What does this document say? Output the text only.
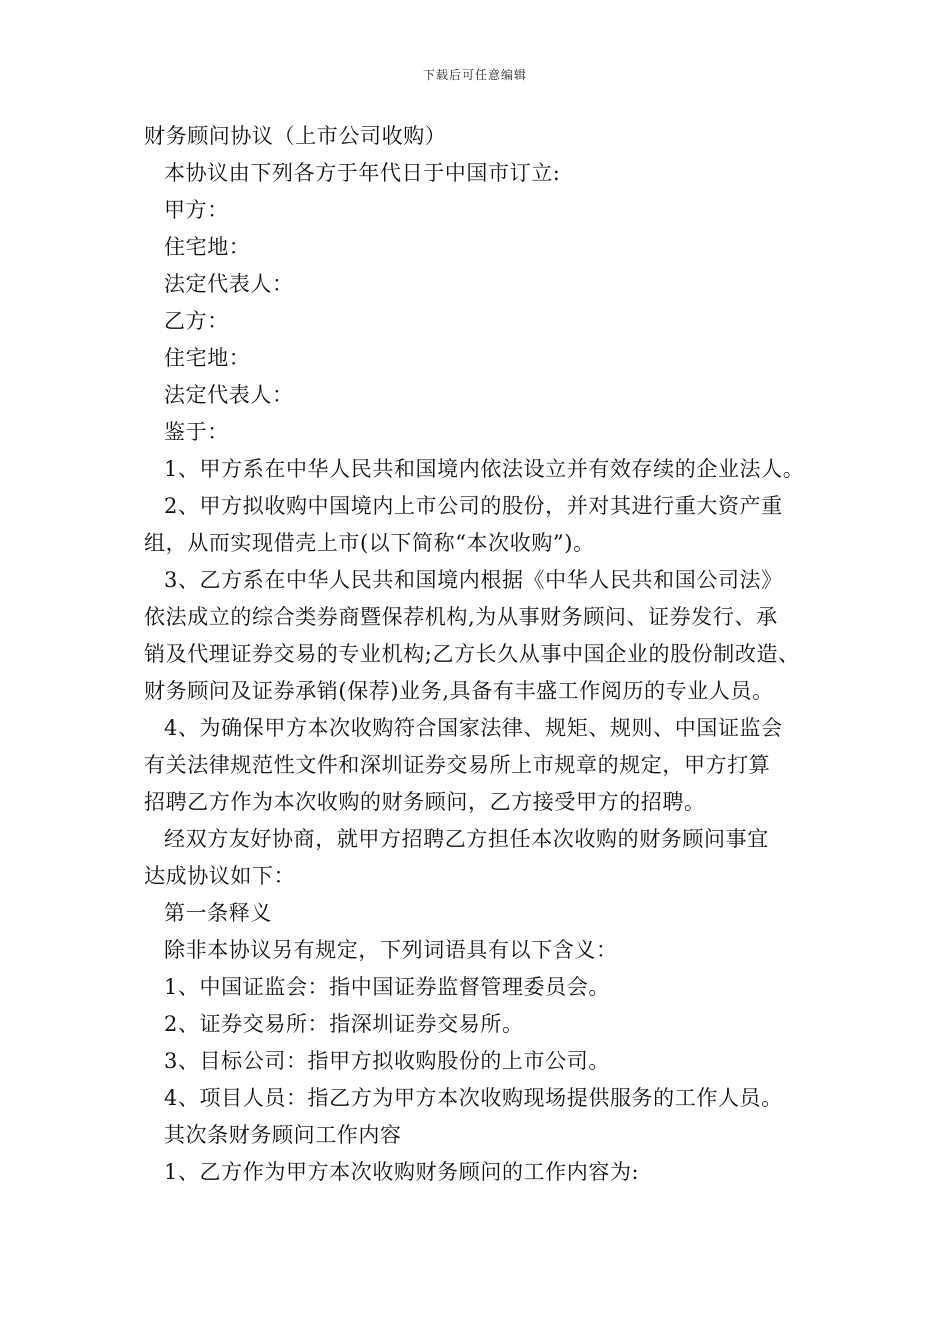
下载后可任意编辑
财务顾问协议（上市公司收购）
本协议由下列各方于年代日于中国市订立:
甲方：
住宅地：
法定代表人：
乙方：
住宅地：
法定代表人：
鉴于：
1、甲方系在中华人民共和国境内依法设立并有效存续的企业法人。
2、甲方拟收购中国境内上市公司的股份，并对其进行重大资产重
组，从而实现借壳上市(以下简称“本次收购”)。
3、乙方系在中华人民共和国境内根据《中华人民共和国公司法》
依法成立的综合类券商暨保荐机构,为从事财务顾问、证券发行、承
销及代理证券交易的专业机构;乙方长久从事中国企业的股份制改造、
财务顾问及证券承销(保荐)业务,具备有丰盛工作阅历的专业人员。
4、为确保甲方本次收购符合国家法律、规矩、规则、中国证监会
有关法律规范性文件和深圳证券交易所上市规章的规定，甲方打算
招聘乙方作为本次收购的财务顾问，乙方接受甲方的招聘。
经双方友好协商，就甲方招聘乙方担任本次收购的财务顾问事宜
达成协议如下：
第一条释义
除非本协议另有规定，下列词语具有以下含义：
1、中国证监会：指中国证券监督管理委员会。
2、证券交易所：指深圳证券交易所。
3、目标公司：指甲方拟收购股份的上市公司。
4、项目人员：指乙方为甲方本次收购现场提供服务的工作人员。
其次条财务顾问工作内容
1、乙方作为甲方本次收购财务顾问的工作内容为:
